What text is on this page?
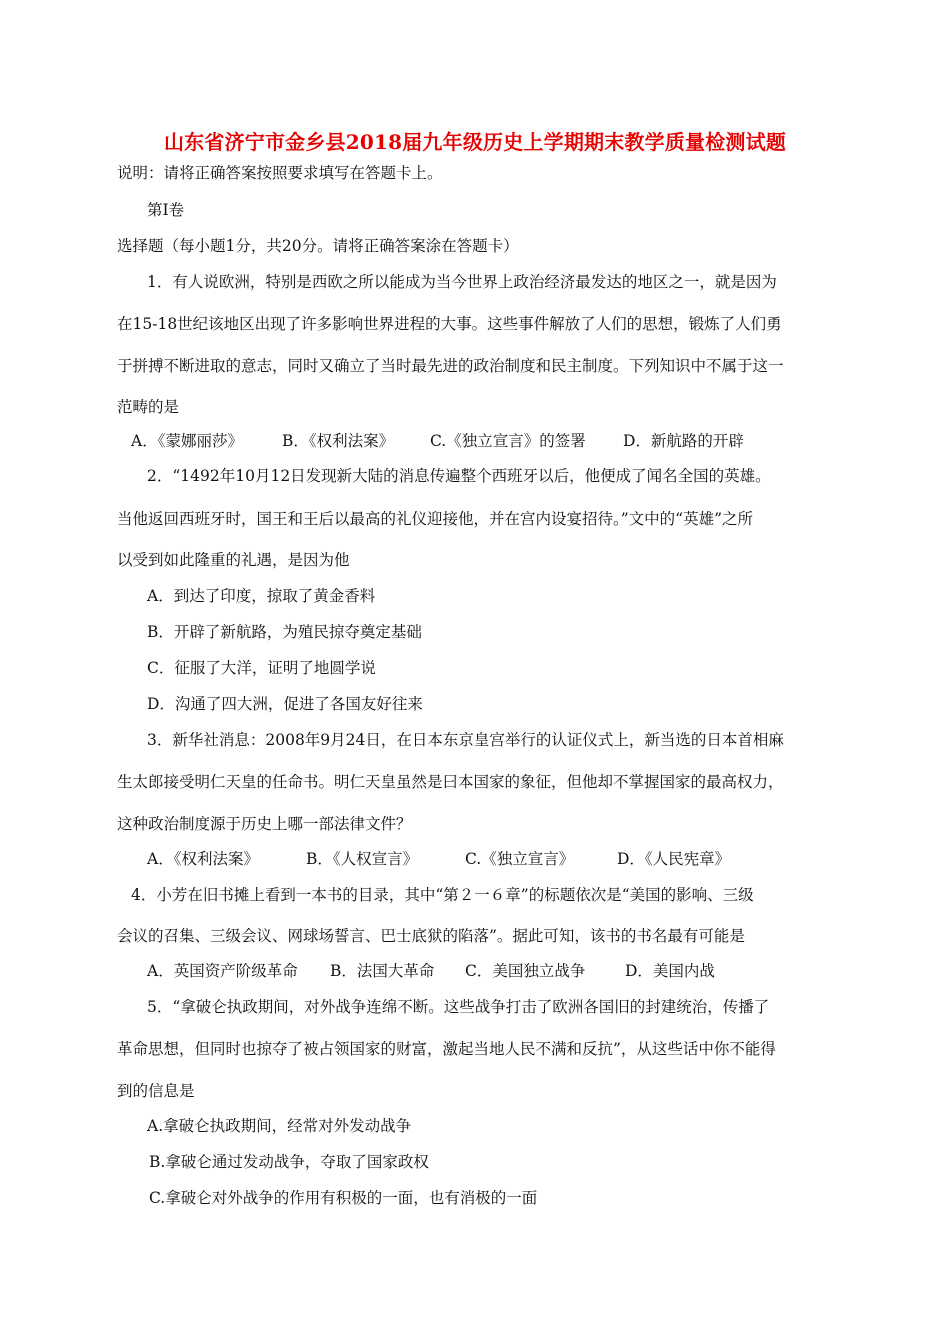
山东省济宁市金乡县2018届九年级历史上学期期末教学质量检测试题
说明：请将正确答案按照要求填写在答题卡上。
第Ⅰ卷
选择题（每小题1分，共20分。请将正确答案涂在答题卡）
1．有人说欧洲，特别是西欧之所以能成为当今世界上政治经济最发达的地区之一，就是因为
在15-18世纪该地区出现了许多影响世界进程的大事。这些事件解放了人们的思想，锻炼了人们勇
于拼搏不断进取的意志，同时又确立了当时最先进的政治制度和民主制度。下列知识中不属于这一
范畴的是
A．《蒙娜丽莎》	B．《权利法案》 C.《独立宣言》的签署 D．新航路的开辟
2．“1492年10月12日发现新大陆的消息传遍整个西班牙以后，他便成了闻名全国的英雄。
当他返回西班牙时，国王和王后以最高的礼仪迎接他，并在宫内设宴招待。”文中的“英雄”之所
以受到如此隆重的礼遇，是因为他
A．到达了印度，掠取了黄金香料
B．开辟了新航路，为殖民掠夺奠定基础
C．征服了大洋，证明了地圆学说
D．沟通了四大洲，促进了各国友好往来
3．新华社消息：2008年9月24日，在日本东京皇宫举行的认证仪式上，新当选的日本首相麻
生太郎接受明仁天皇的任命书。明仁天皇虽然是曰本国家的象征，但他却不掌握国家的最高权力，
这种政治制度源于历史上哪一部法律文件？
A．《权利法案》	B．《人权宣言》	C.《独立宣言》	D．《人民宪章》
4．小芳在旧书摊上看到一本书的目录，其中“第２一６章”的标题依次是“美国的影响、三级
会议的召集、三级会议、网球场誓言、巴士底狱的陷落”。据此可知，该书的书名最有可能是
A．英国资产阶级革命 B．法国大革命 C．美国独立战争	D．美国内战
5．“拿破仑执政期间，对外战争连绵不断。这些战争打击了欧洲各国旧的封建统治，传播了
革命思想，但同时也掠夺了被占领国家的财富，激起当地人民不满和反抗”，从这些话中你不能得
到的信息是
A.拿破仑执政期间，经常对外发动战争
B.拿破仑通过发动战争，夺取了国家政权
C.拿破仑对外战争的作用有积极的一面，也有消极的一面
